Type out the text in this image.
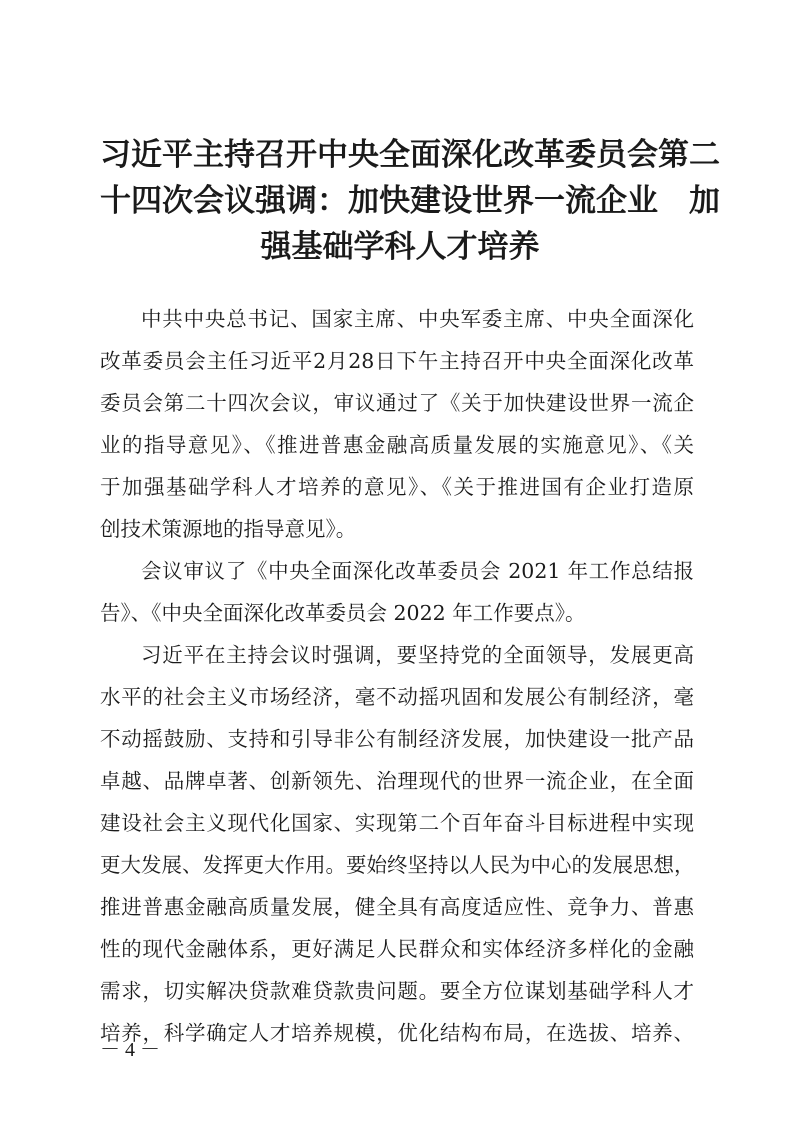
习近平主持召开中央全面深化改革委员会第二
十四次会议强调：加快建设世界一流企业　加
强基础学科人才培养
中共中央总书记、国家主席、中央军委主席、中央全面深化
改革委员会主任习近平2月28日下午主持召开中央全面深化改革
委员会第二十四次会议，审议通过了《关于加快建设世界一流企
业的指导意见》、《推进普惠金融高质量发展的实施意见》、《关
于加强基础学科人才培养的意见》、《关于推进国有企业打造原
创技术策源地的指导意见》。
会议审议了《中央全面深化改革委员会 2021 年工作总结报
告》、《中央全面深化改革委员会 2022 年工作要点》。
习近平在主持会议时强调，要坚持党的全面领导，发展更高
水平的社会主义市场经济，毫不动摇巩固和发展公有制经济，毫
不动摇鼓励、支持和引导非公有制经济发展，加快建设一批产品
卓越、品牌卓著、创新领先、治理现代的世界一流企业，在全面
建设社会主义现代化国家、实现第二个百年奋斗目标进程中实现
更大发展、发挥更大作用。要始终坚持以人民为中心的发展思想，
推进普惠金融高质量发展，健全具有高度适应性、竞争力、普惠
性的现代金融体系，更好满足人民群众和实体经济多样化的金融
需求，切实解决贷款难贷款贵问题。要全方位谋划基础学科人才
培养，科学确定人才培养规模，优化结构布局，在选拔、培养、
－ 4 －
